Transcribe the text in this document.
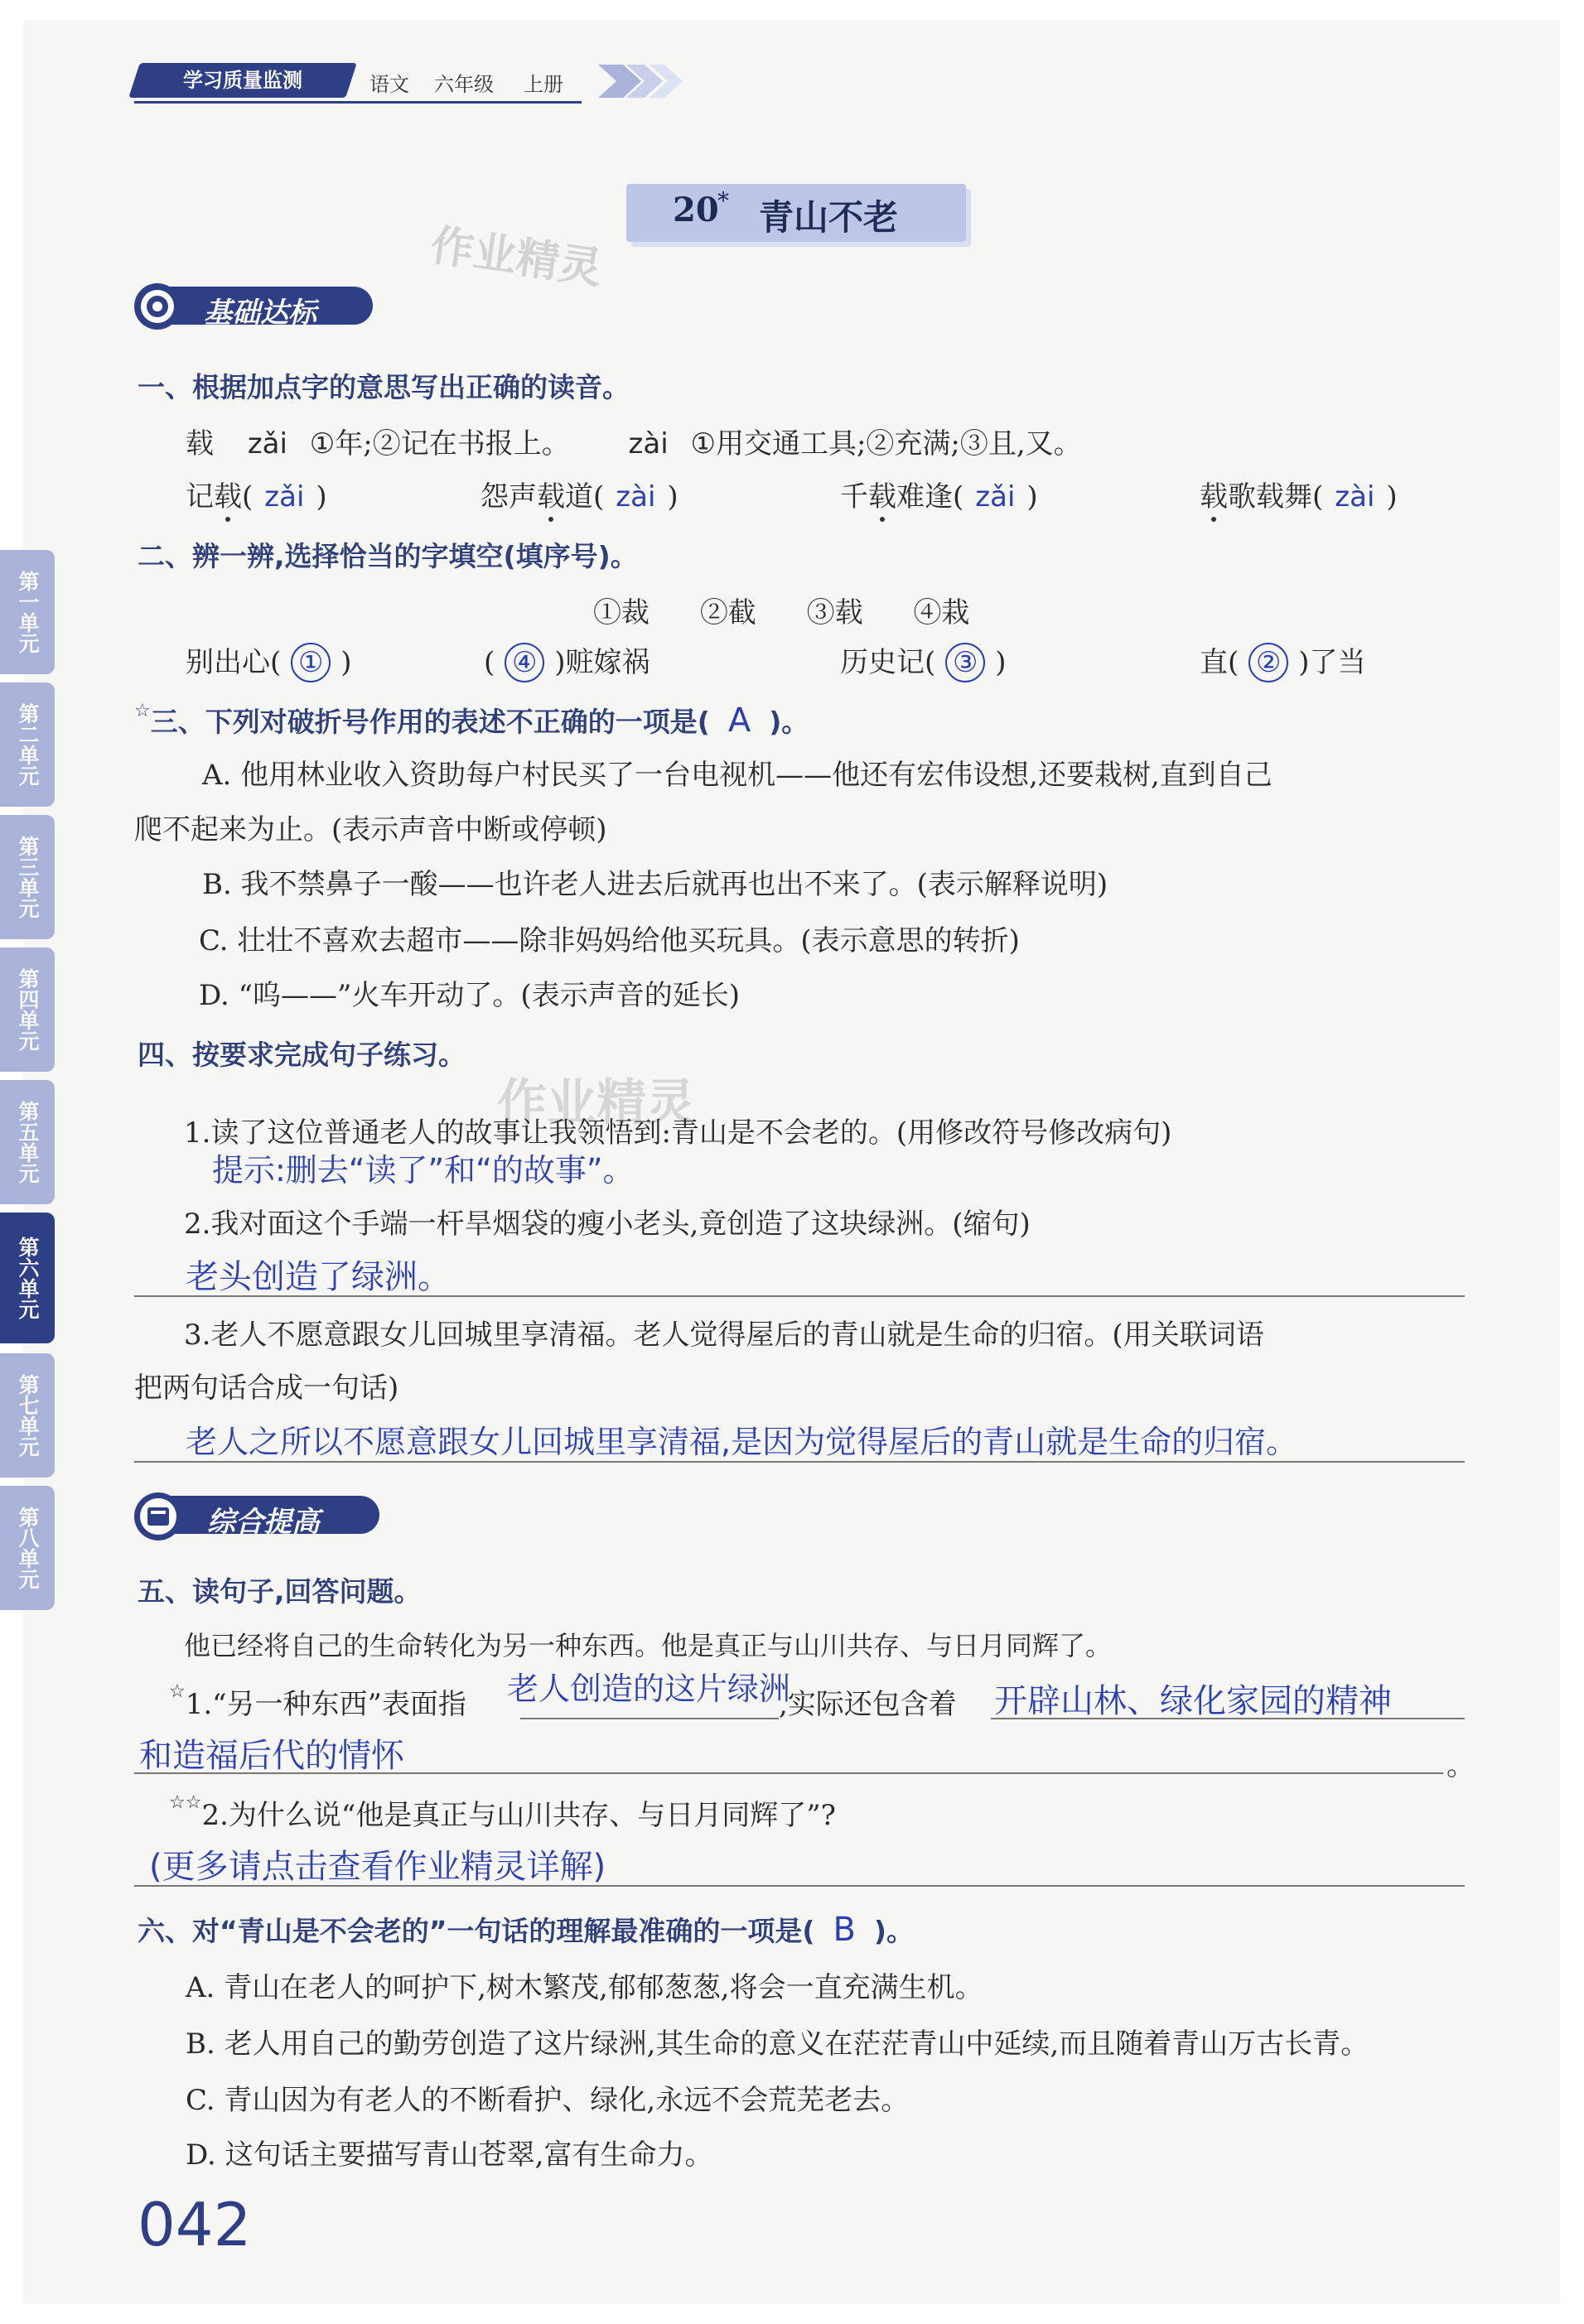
学习质量监测	语文 六年级 上册
20
* 青山不老
作业精灵
基础达标
一、根据加点字的意思写出正确的读音。
载 zǎi ①年;②记在书报上。 zài ①用交通工具;②充满;③且,又。
记载( zǎi )	怨声载道( zài )	千载难逢( zǎi )	载歌载舞( zài )
二、辨一辨,选择恰当的字填空(填序号)。
①裁 ②截 ③载 ④栽
别出心( ① )	( ④ )赃嫁祸	历史记( ③ )	直( ② )了当
☆三、下列对破折号作用的表述不正确的一项是( A )。
A. 他用林业收入资助每户村民买了一台电视机——他还有宏伟设想,还要栽树,直到自己
爬不起来为止。(表示声音中断或停顿)
B. 我不禁鼻子一酸——也许老人进去后就再也出不来了。(表示解释说明)
C. 壮壮不喜欢去超市——除非妈妈给他买玩具。(表示意思的转折)
D. “呜——”火车开动了。(表示声音的延长)
四、按要求完成句子练习。
作业精灵
1.读了这位普通老人的故事让我领悟到:青山是不会老的。(用修改符号修改病句)
提示:删去“读了”和“的故事”。
2.我对面这个手端一杆旱烟袋的瘦小老头,竟创造了这块绿洲。(缩句)
老头创造了绿洲。
3.老人不愿意跟女儿回城里享清福。老人觉得屋后的青山就是生命的归宿。(用关联词语
把两句话合成一句话)
老人之所以不愿意跟女儿回城里享清福,是因为觉得屋后的青山就是生命的归宿。
综合提高
五、读句子,回答问题。
他已经将自己的生命转化为另一种东西。他是真正与山川共存、与日月同辉了。
☆1.“另一种东西”表面指 老人创造的这片绿洲
,实际还包含着 开辟山林、绿化家园的精神
和造福后代的情怀	。
☆☆2.为什么说“他是真正与山川共存、与日月同辉了”?
(更多请点击查看作业精灵详解)
六、对“青山是不会老的”一句话的理解最准确的一项是( B )。
A. 青山在老人的呵护下,树木繁茂,郁郁葱葱,将会一直充满生机。
B. 老人用自己的勤劳创造了这片绿洲,其生命的意义在茫茫青山中延续,而且随着青山万古长青。
C. 青山因为有老人的不断看护、绿化,永远不会荒芜老去。
D. 这句话主要描写青山苍翠,富有生命力。
042
第一单元
第二单元
第三单元
第四单元
第五单元
第六单元
第七单元
第八单元
